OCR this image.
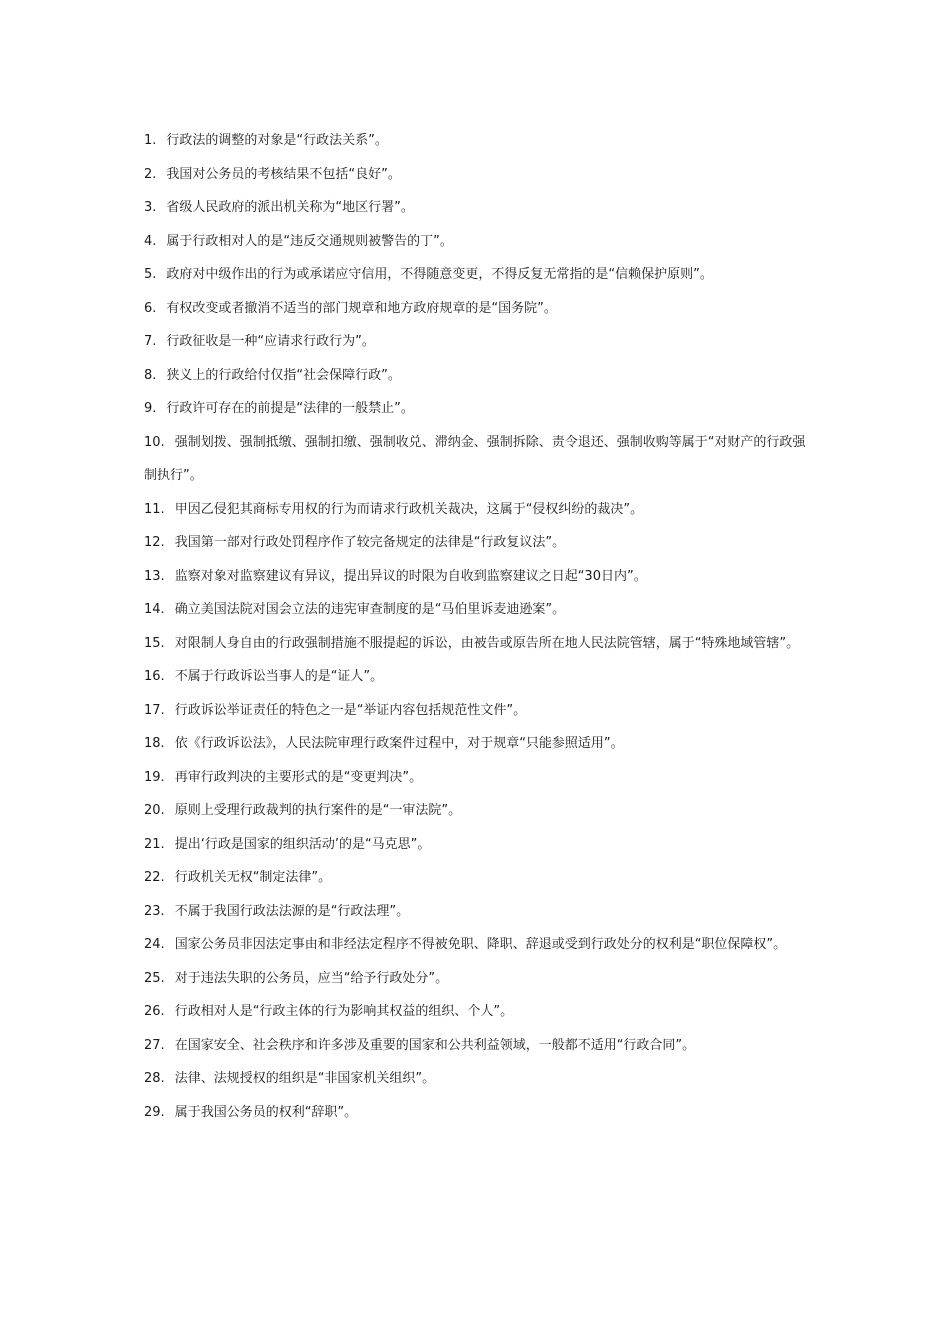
1. 行政法的调整的对象是“行政法关系”。
2. 我国对公务员的考核结果不包括“良好”。
3. 省级人民政府的派出机关称为“地区行署”。
4. 属于行政相对人的是“违反交通规则被警告的丁”。
5. 政府对中级作出的行为或承诺应守信用，不得随意变更，不得反复无常指的是“信赖保护原则”。
6. 有权改变或者撤消不适当的部门规章和地方政府规章的是“国务院”。
7. 行政征收是一种“应请求行政行为”。
8. 狭义上的行政给付仅指“社会保障行政”。
9. 行政许可存在的前提是“法律的一般禁止”。
10. 强制划拨、强制抵缴、强制扣缴、强制收兑、滞纳金、强制拆除、责令退还、强制收购等属于“对财产的行政强制执行”。
11. 甲因乙侵犯其商标专用权的行为而请求行政机关裁决，这属于“侵权纠纷的裁决”。
12. 我国第一部对行政处罚程序作了较完备规定的法律是“行政复议法”。
13. 监察对象对监察建议有异议，提出异议的时限为自收到监察建议之日起“30日内”。
14. 确立美国法院对国会立法的违宪审查制度的是“马伯里诉麦迪逊案”。
15. 对限制人身自由的行政强制措施不服提起的诉讼，由被告或原告所在地人民法院管辖，属于“特殊地域管辖”。
16. 不属于行政诉讼当事人的是“证人”。
17. 行政诉讼举证责任的特色之一是“举证内容包括规范性文件”。
18. 依《行政诉讼法》，人民法院审理行政案件过程中，对于规章“只能参照适用”。
19. 再审行政判决的主要形式的是“变更判决”。
20. 原则上受理行政裁判的执行案件的是“一审法院”。
21. 提出‘行政是国家的组织活动’的是“马克思”。
22. 行政机关无权“制定法律”。
23. 不属于我国行政法法源的是“行政法理”。
24. 国家公务员非因法定事由和非经法定程序不得被免职、降职、辞退或受到行政处分的权利是“职位保障权”。
25. 对于违法失职的公务员，应当“给予行政处分”。
26. 行政相对人是“行政主体的行为影响其权益的组织、个人”。
27. 在国家安全、社会秩序和许多涉及重要的国家和公共利益领域，一般都不适用“行政合同”。
28. 法律、法规授权的组织是“非国家机关组织”。
29. 属于我国公务员的权利“辞职”。
